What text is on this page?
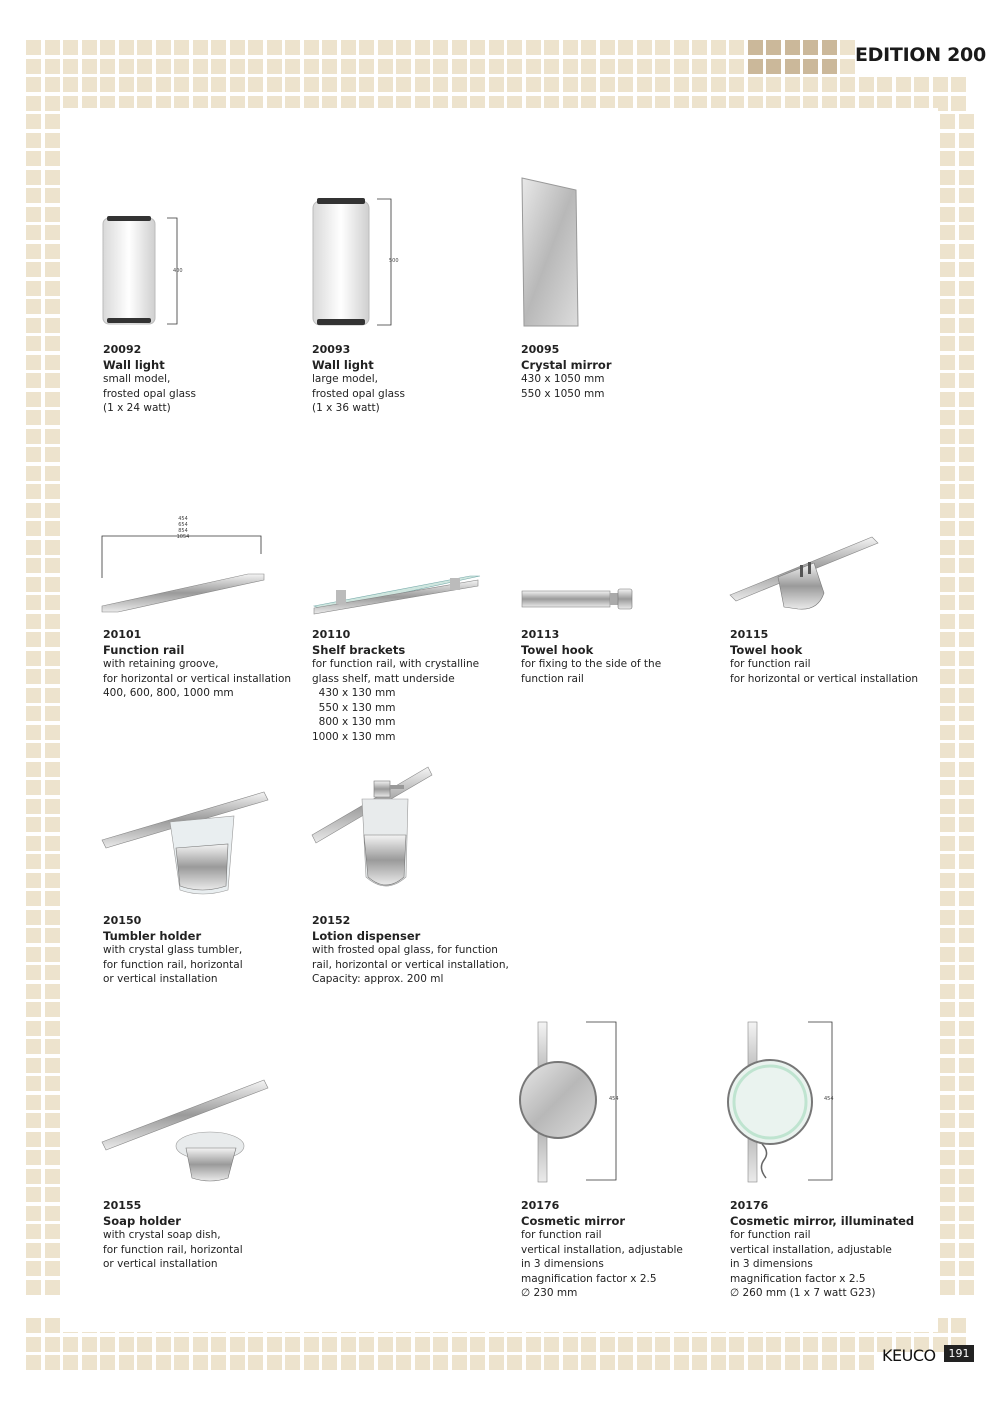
EDITION 200
400
500
454
654
854
1054
454	454
20092
Wall light
small model,
frosted opal glass
(1 x 24 watt)
20093
Wall light
large model,
frosted opal glass
(1 x 36 watt)
20095
Crystal mirror
430 x 1050 mm
550 x 1050 mm
20101
Function rail
with retaining groove,
for horizontal or vertical installation
400, 600, 800, 1000 mm
20110
Shelf brackets
for function rail, with crystalline
glass shelf, matt underside
430 x 130 mm
550 x 130 mm
800 x 130 mm
1000 x 130 mm
20113
Towel hook
for fixing to the side of the
function rail
20115
Towel hook
for function rail
for horizontal or vertical installation
20150
Tumbler holder
with crystal glass tumbler,
for function rail, horizontal
or vertical installation
20152
Lotion dispenser
with frosted opal glass, for function
rail, horizontal or vertical installation,
Capacity: approx. 200 ml
20155
Soap holder
with crystal soap dish,
for function rail, horizontal
or vertical installation
20176
Cosmetic mirror
for function rail
vertical installation, adjustable
in 3 dimensions
magnification factor x 2.5
∅ 230 mm
20176
Cosmetic mirror, illuminated
for function rail
vertical installation, adjustable
in 3 dimensions
magnification factor x 2.5
∅ 260 mm (1 x 7 watt G23)
KEUCO	191
